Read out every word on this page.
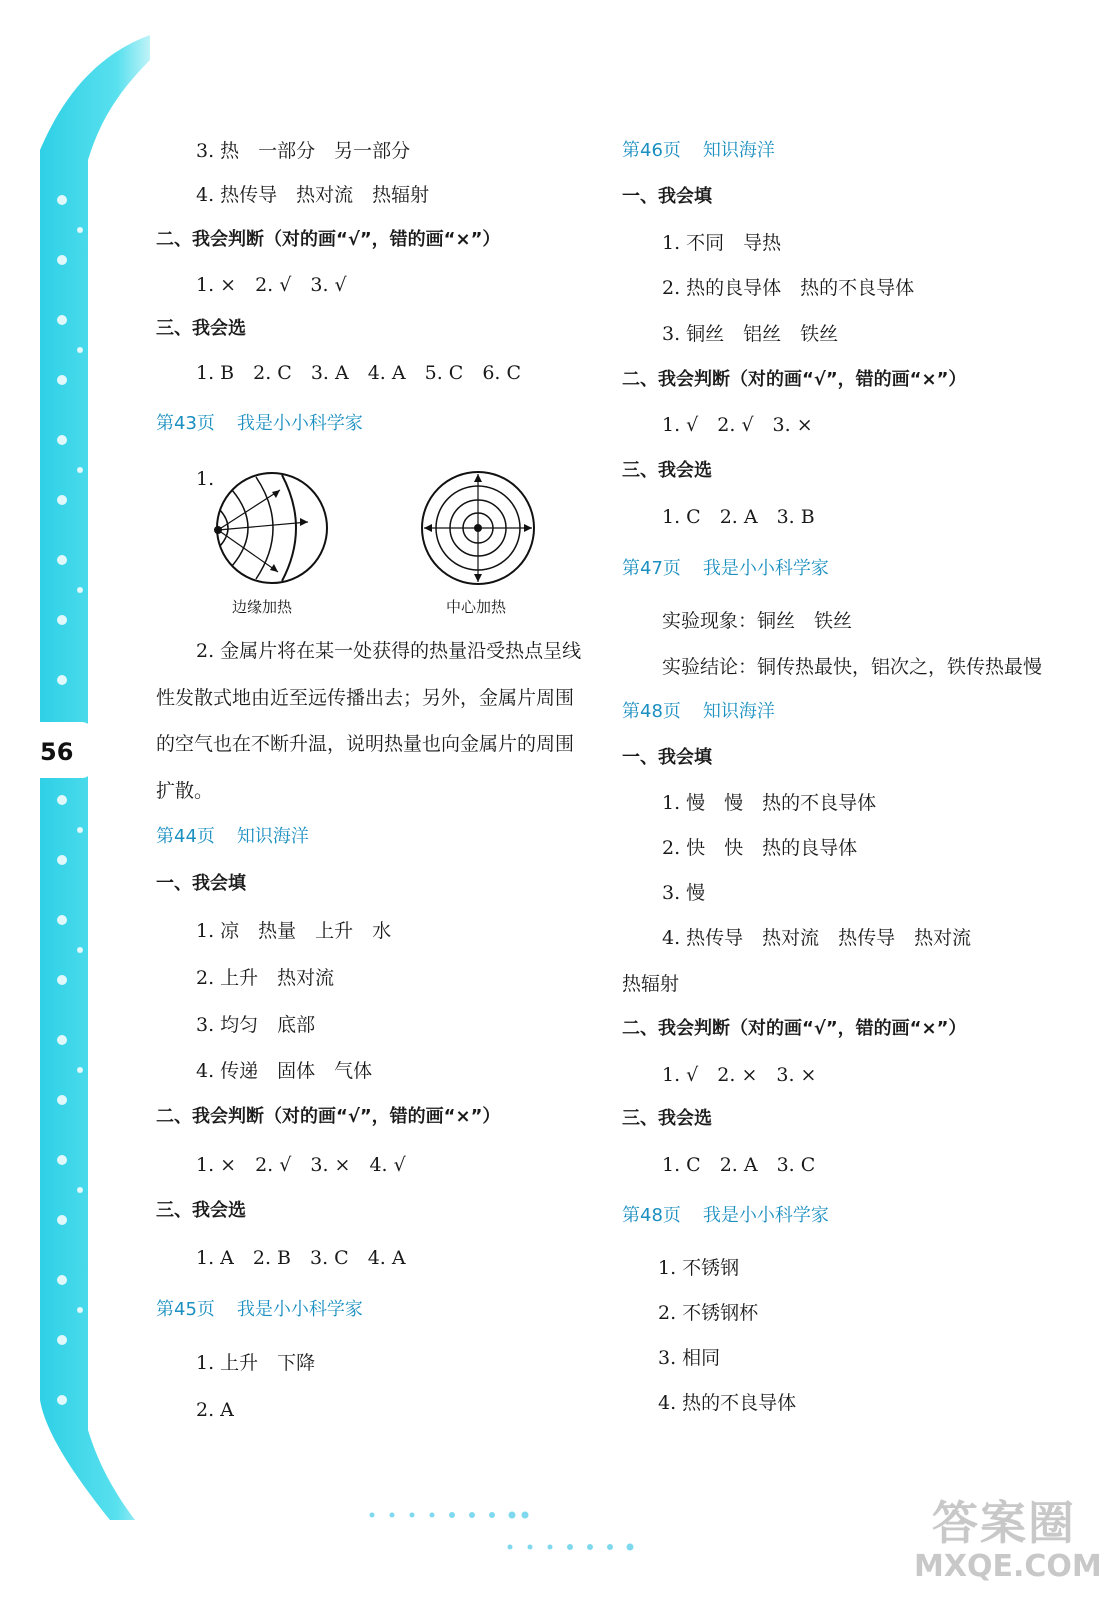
56
3. 热　一部分　另一部分
4. 热传导　热对流　热辐射
二、我会判断（对的画“√”，错的画“×”）
1. ×　2. √　3. √
三、我会选
1. B　2. C　3. A　4. A　5. C　6. C
第43页 我是小小科学家
1.
边缘加热	中心加热
2. 金属片将在某一处获得的热量沿受热点呈线性发散式地由近至远传播出去；另外，金属片周围的空气也在不断升温，说明热量也向金属片的周围扩散。
第44页 知识海洋
一、我会填
1. 凉　热量　上升　水
2. 上升　热对流
3. 均匀　底部
4. 传递　固体　气体
二、我会判断（对的画“√”，错的画“×”）
1. ×　2. √　3. ×　4. √
三、我会选
1. A　2. B　3. C　4. A
第45页 我是小小科学家
1. 上升　下降
2. A
第46页 知识海洋
一、我会填
1. 不同　导热
2. 热的良导体　热的不良导体
3. 铜丝　铝丝　铁丝
二、我会判断（对的画“√”，错的画“×”）
1. √　2. √　3. ×
三、我会选
1. C　2. A　3. B
第47页 我是小小科学家
实验现象：铜丝　铁丝
实验结论：铜传热最快，铝次之，铁传热最慢
第48页 知识海洋
一、我会填
1. 慢　慢　热的不良导体
2. 快　快　热的良导体
3. 慢
4. 热传导　热对流　热传导　热对流
热辐射
二、我会判断（对的画“√”，错的画“×”）
1. √　2. ×　3. ×
三、我会选
1. C　2. A　3. C
第48页 我是小小科学家
1. 不锈钢
2. 不锈钢杯
3. 相同
4. 热的不良导体
答案圈
MXQE.COM
